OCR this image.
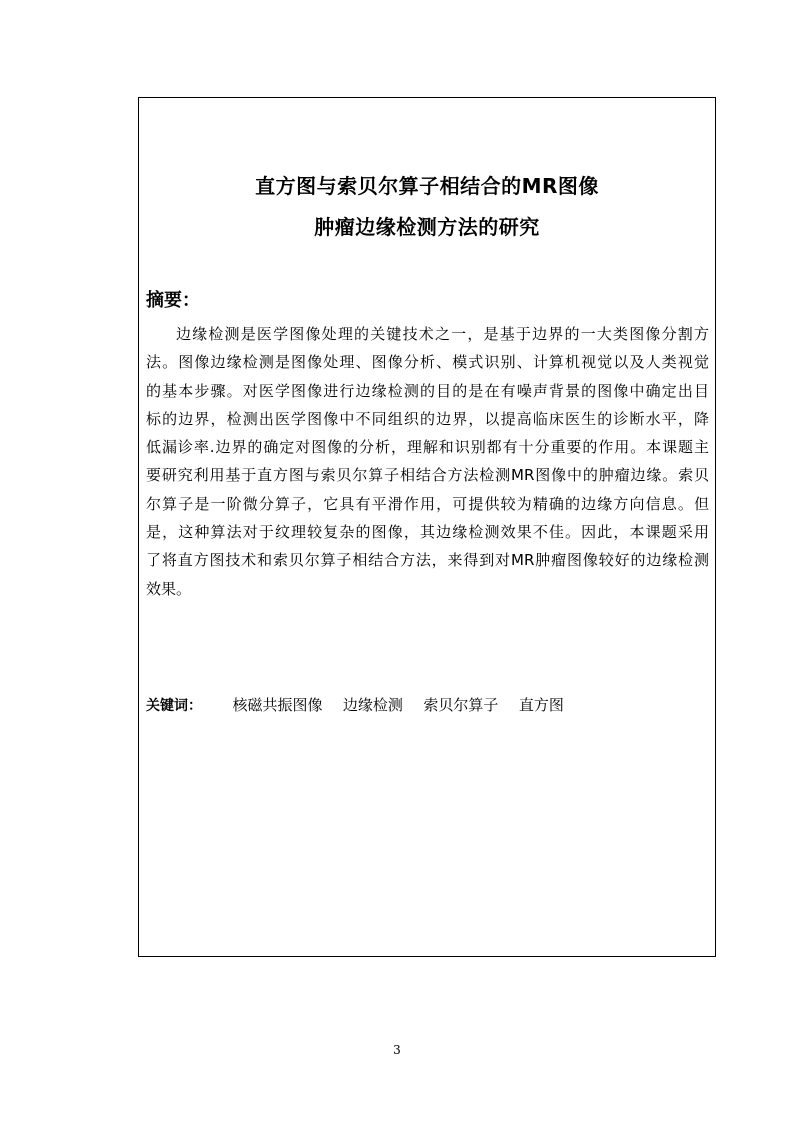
直方图与索贝尔算子相结合的MR图像
肿瘤边缘检测方法的研究
摘要：
边缘检测是医学图像处理的关键技术之一，是基于边界的一大类图像分割方
法。图像边缘检测是图像处理、图像分析、模式识别、计算机视觉以及人类视觉
的基本步骤。对医学图像进行边缘检测的目的是在有噪声背景的图像中确定出目
标的边界，检测出医学图像中不同组织的边界，以提高临床医生的诊断水平，降
低漏诊率.边界的确定对图像的分析，理解和识别都有十分重要的作用。本课题主
要研究利用基于直方图与索贝尔算子相结合方法检测MR图像中的肿瘤边缘。索贝
尔算子是一阶微分算子，它具有平滑作用，可提供较为精确的边缘方向信息。但
是，这种算法对于纹理较复杂的图像，其边缘检测效果不佳。因此，本课题采用
了将直方图技术和索贝尔算子相结合方法，来得到对MR肿瘤图像较好的边缘检测
效果。
关键词： 核磁共振图像 边缘检测 索贝尔算子 直方图
3
